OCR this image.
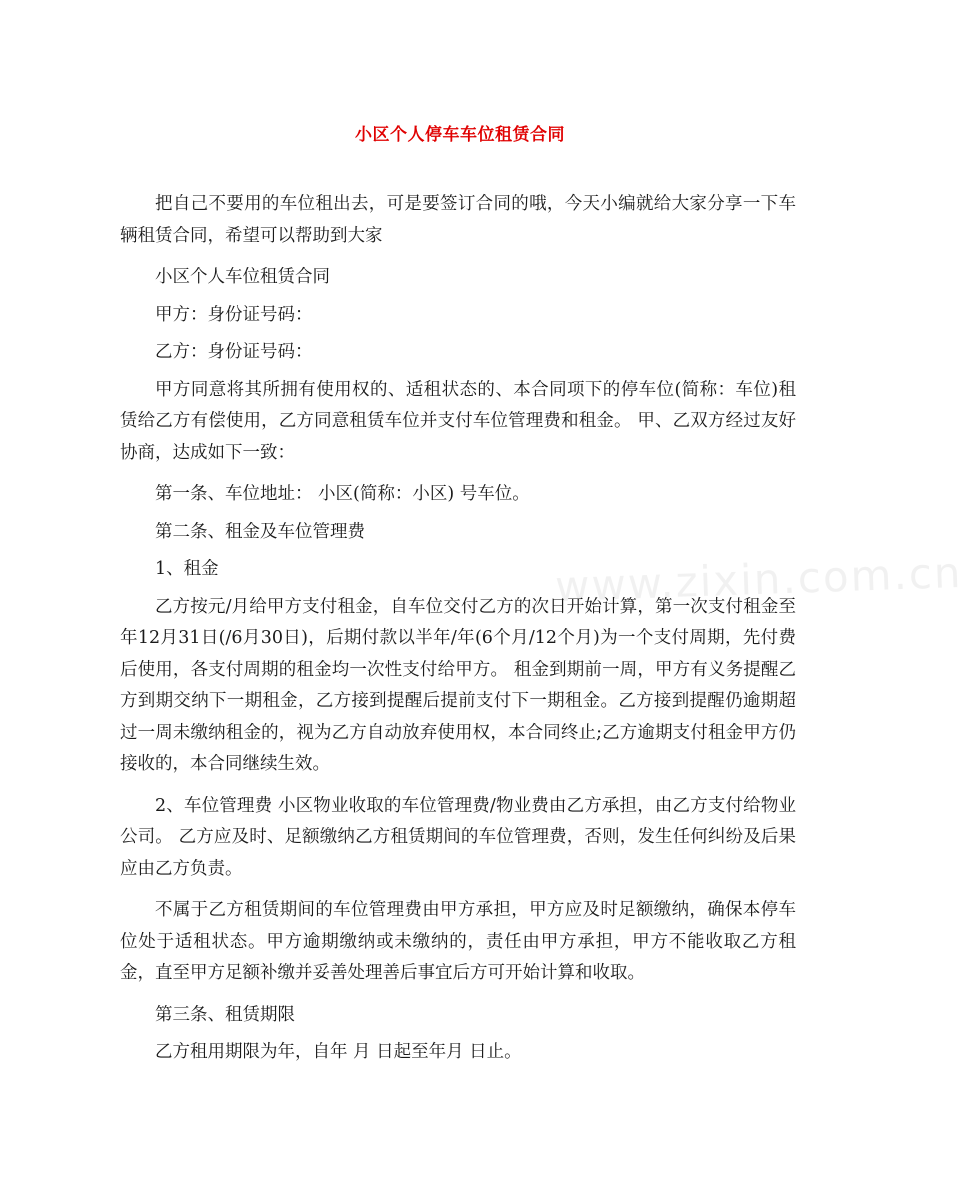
小区个人停车车位租赁合同

把自己不要用的车位租出去，可是要签订合同的哦，今天小编就给大家分享一下车辆租赁合同，希望可以帮助到大家

小区个人车位租赁合同

甲方：身份证号码：

乙方：身份证号码：

甲方同意将其所拥有使用权的、适租状态的、本合同项下的停车位(简称：车位)租赁给乙方有偿使用，乙方同意租赁车位并支付车位管理费和租金。 甲、乙双方经过友好协商，达成如下一致：

第一条、车位地址： 小区(简称：小区) 号车位。

第二条、租金及车位管理费

1、租金

乙方按元/月给甲方支付租金，自车位交付乙方的次日开始计算，第一次支付租金至年12月31日(/6月30日)，后期付款以半年/年(6个月/12个月)为一个支付周期，先付费后使用，各支付周期的租金均一次性支付给甲方。 租金到期前一周，甲方有义务提醒乙方到期交纳下一期租金，乙方接到提醒后提前支付下一期租金。乙方接到提醒仍逾期超过一周未缴纳租金的，视为乙方自动放弃使用权，本合同终止;乙方逾期支付租金甲方仍接收的，本合同继续生效。

2、车位管理费 小区物业收取的车位管理费/物业费由乙方承担，由乙方支付给物业公司。 乙方应及时、足额缴纳乙方租赁期间的车位管理费，否则，发生任何纠纷及后果应由乙方负责。

不属于乙方租赁期间的车位管理费由甲方承担，甲方应及时足额缴纳，确保本停车位处于适租状态。甲方逾期缴纳或未缴纳的，责任由甲方承担，甲方不能收取乙方租金，直至甲方足额补缴并妥善处理善后事宜后方可开始计算和收取。

第三条、租赁期限

乙方租用期限为年，自年 月 日起至年月 日止。

www.zixin.com.cn
